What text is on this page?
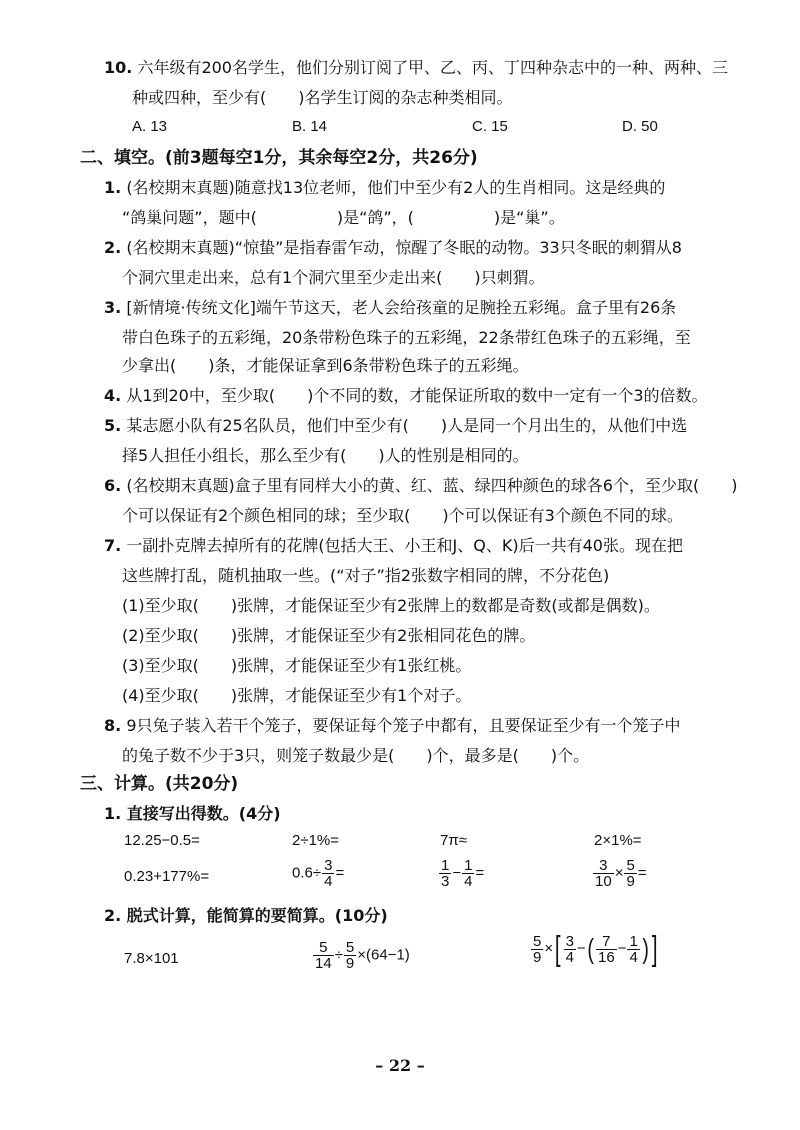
10. 六年级有200名学生，他们分别订阅了甲、乙、丙、丁四种杂志中的一种、两种、三
种或四种，至少有(　　)名学生订阅的杂志种类相同。
A. 13	B. 14	C. 15	D. 50
二、填空。(前3题每空1分，其余每空2分，共26分)
1. (名校期末真题)随意找13位老师，他们中至少有2人的生肖相同。这是经典的
“鸽巢问题”，题中(　　　　　)是“鸽”，(　　　　　)是“巢”。
2. (名校期末真题)“惊蛰”是指春雷乍动，惊醒了冬眠的动物。33只冬眠的刺猬从8
个洞穴里走出来，总有1个洞穴里至少走出来(　　)只刺猬。
3. [新情境·传统文化]端午节这天，老人会给孩童的足腕拴五彩绳。盒子里有26条
带白色珠子的五彩绳，20条带粉色珠子的五彩绳，22条带红色珠子的五彩绳，至
少拿出(　　)条，才能保证拿到6条带粉色珠子的五彩绳。
4. 从1到20中，至少取(　　)个不同的数，才能保证所取的数中一定有一个3的倍数。
5. 某志愿小队有25名队员，他们中至少有(　　)人是同一个月出生的，从他们中选
择5人担任小组长，那么至少有(　　)人的性别是相同的。
6. (名校期末真题)盒子里有同样大小的黄、红、蓝、绿四种颜色的球各6个，至少取(　　)
个可以保证有2个颜色相同的球；至少取(　　)个可以保证有3个颜色不同的球。
7. 一副扑克牌去掉所有的花牌(包括大王、小王和J、Q、K)后一共有40张。现在把
这些牌打乱，随机抽取一些。(“对子”指2张数字相同的牌，不分花色)
(1)至少取(　　)张牌，才能保证至少有2张牌上的数都是奇数(或都是偶数)。
(2)至少取(　　)张牌，才能保证至少有2张相同花色的牌。
(3)至少取(　　)张牌，才能保证至少有1张红桃。
(4)至少取(　　)张牌，才能保证至少有1个对子。
8. 9只兔子装入若干个笼子，要保证每个笼子中都有，且要保证至少有一个笼子中
的兔子数不少于3只，则笼子数最少是(　　)个，最多是(　　)个。
三、计算。(共20分)
1. 直接写出得数。(4分)
12.25−0.5=	2÷1%=	7π≈	2×1%=
0.23+177%=	$0.6\div \frac{3}{4}$ =	$\frac{1}{3} - \frac{1}{4}$ =	$\frac{3}{10} \times \frac{5}{9}$ =
2. 脱式计算，能简算的要简算。(10分)
7.8×101	$\frac{5}{14} \div \frac{5}{9} \times(64-1)$	$\frac{5}{9}$ ×[ $\frac{3}{4}$ −( $\frac{7}{16} - \frac{1}{4}$ )]
– 22 –
